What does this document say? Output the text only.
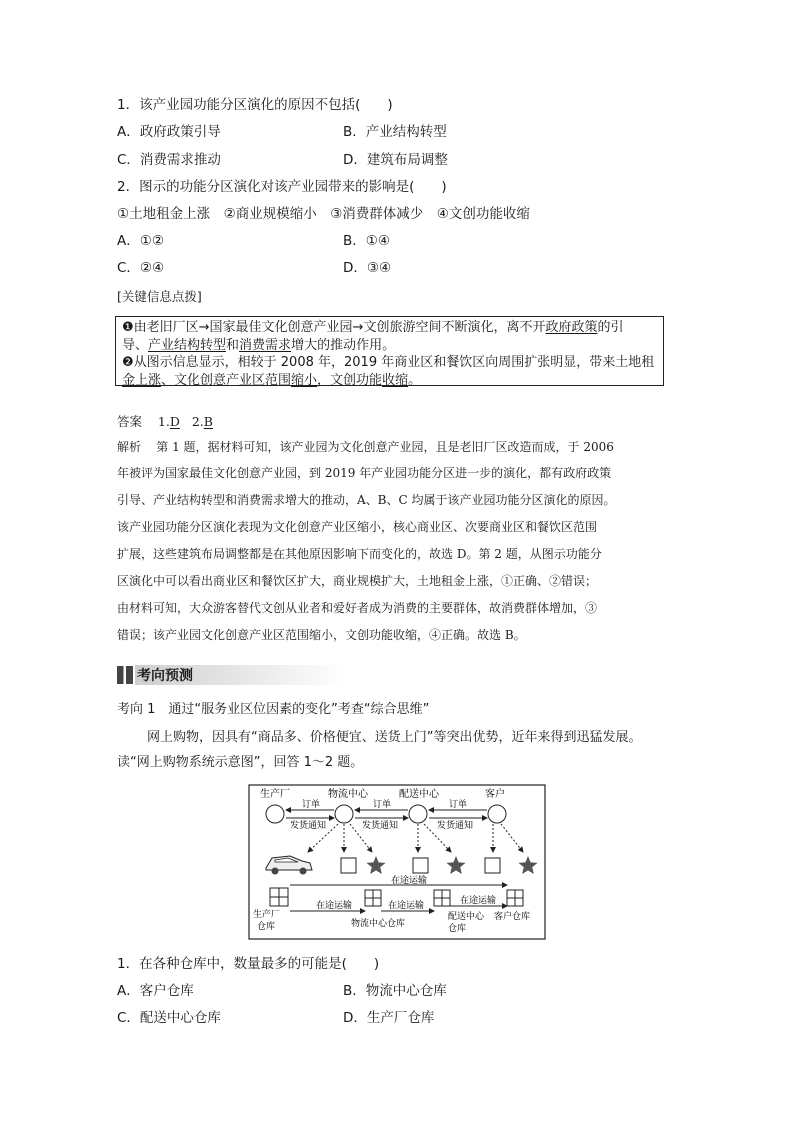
1．该产业园功能分区演化的原因不包括(　　)
A．政府政策引导	B．产业结构转型
C．消费需求推动	D．建筑布局调整
2．图示的功能分区演化对该产业园带来的影响是(　　)
①土地租金上涨　②商业规模缩小　③消费群体减少　④文创功能收缩
A．①②	B．①④
C．②④	D．③④
[关键信息点拨]
❶由老旧厂区→国家最佳文化创意产业园→文创旅游空间不断演化，离不开政府政策的引
导、产业结构转型和消费需求增大的推动作用。
❷从图示信息显示，相较于 2008 年，2019 年商业区和餐饮区向周围扩张明显，带来土地租
金上涨、文化创意产业区范围缩小，文创功能收缩。
答案 1.D 2.B
解析 第 1 题，据材料可知，该产业园为文化创意产业园，且是老旧厂区改造而成，于 2006
年被评为国家最佳文化创意产业园，到 2019 年产业园功能分区进一步的演化，都有政府政策
引导、产业结构转型和消费需求增大的推动，A、B、C 均属于该产业园功能分区演化的原因。
该产业园功能分区演化表现为文化创意产业区缩小，核心商业区、次要商业区和餐饮区范围
扩展，这些建筑布局调整都是在其他原因影响下而变化的，故选 D。第 2 题，从图示功能分
区演化中可以看出商业区和餐饮区扩大，商业规模扩大，土地租金上涨，①正确、②错误；
由材料可知，大众游客替代文创从业者和爱好者成为消费的主要群体，故消费群体增加，③
错误；该产业园文化创意产业区范围缩小，文创功能收缩，④正确。故选 B。
考向预测
考向 1　通过“服务业区位因素的变化”考查“综合思维”
网上购物，因具有“商品多、价格便宜、送货上门”等突出优势，近年来得到迅猛发展。
读“网上购物系统示意图”，回答 1～2 题。
生产厂	物流中心	配送中心	客户
订单
发货通知
订单
发货通知
订单
发货通知
在途运输
在途运输	在途运输	在途运输
生产厂
仓库	物流中心仓库
配送中心
仓库
客户仓库
1．在各种仓库中，数量最多的可能是(　　)
A．客户仓库	B．物流中心仓库
C．配送中心仓库	D．生产厂仓库
